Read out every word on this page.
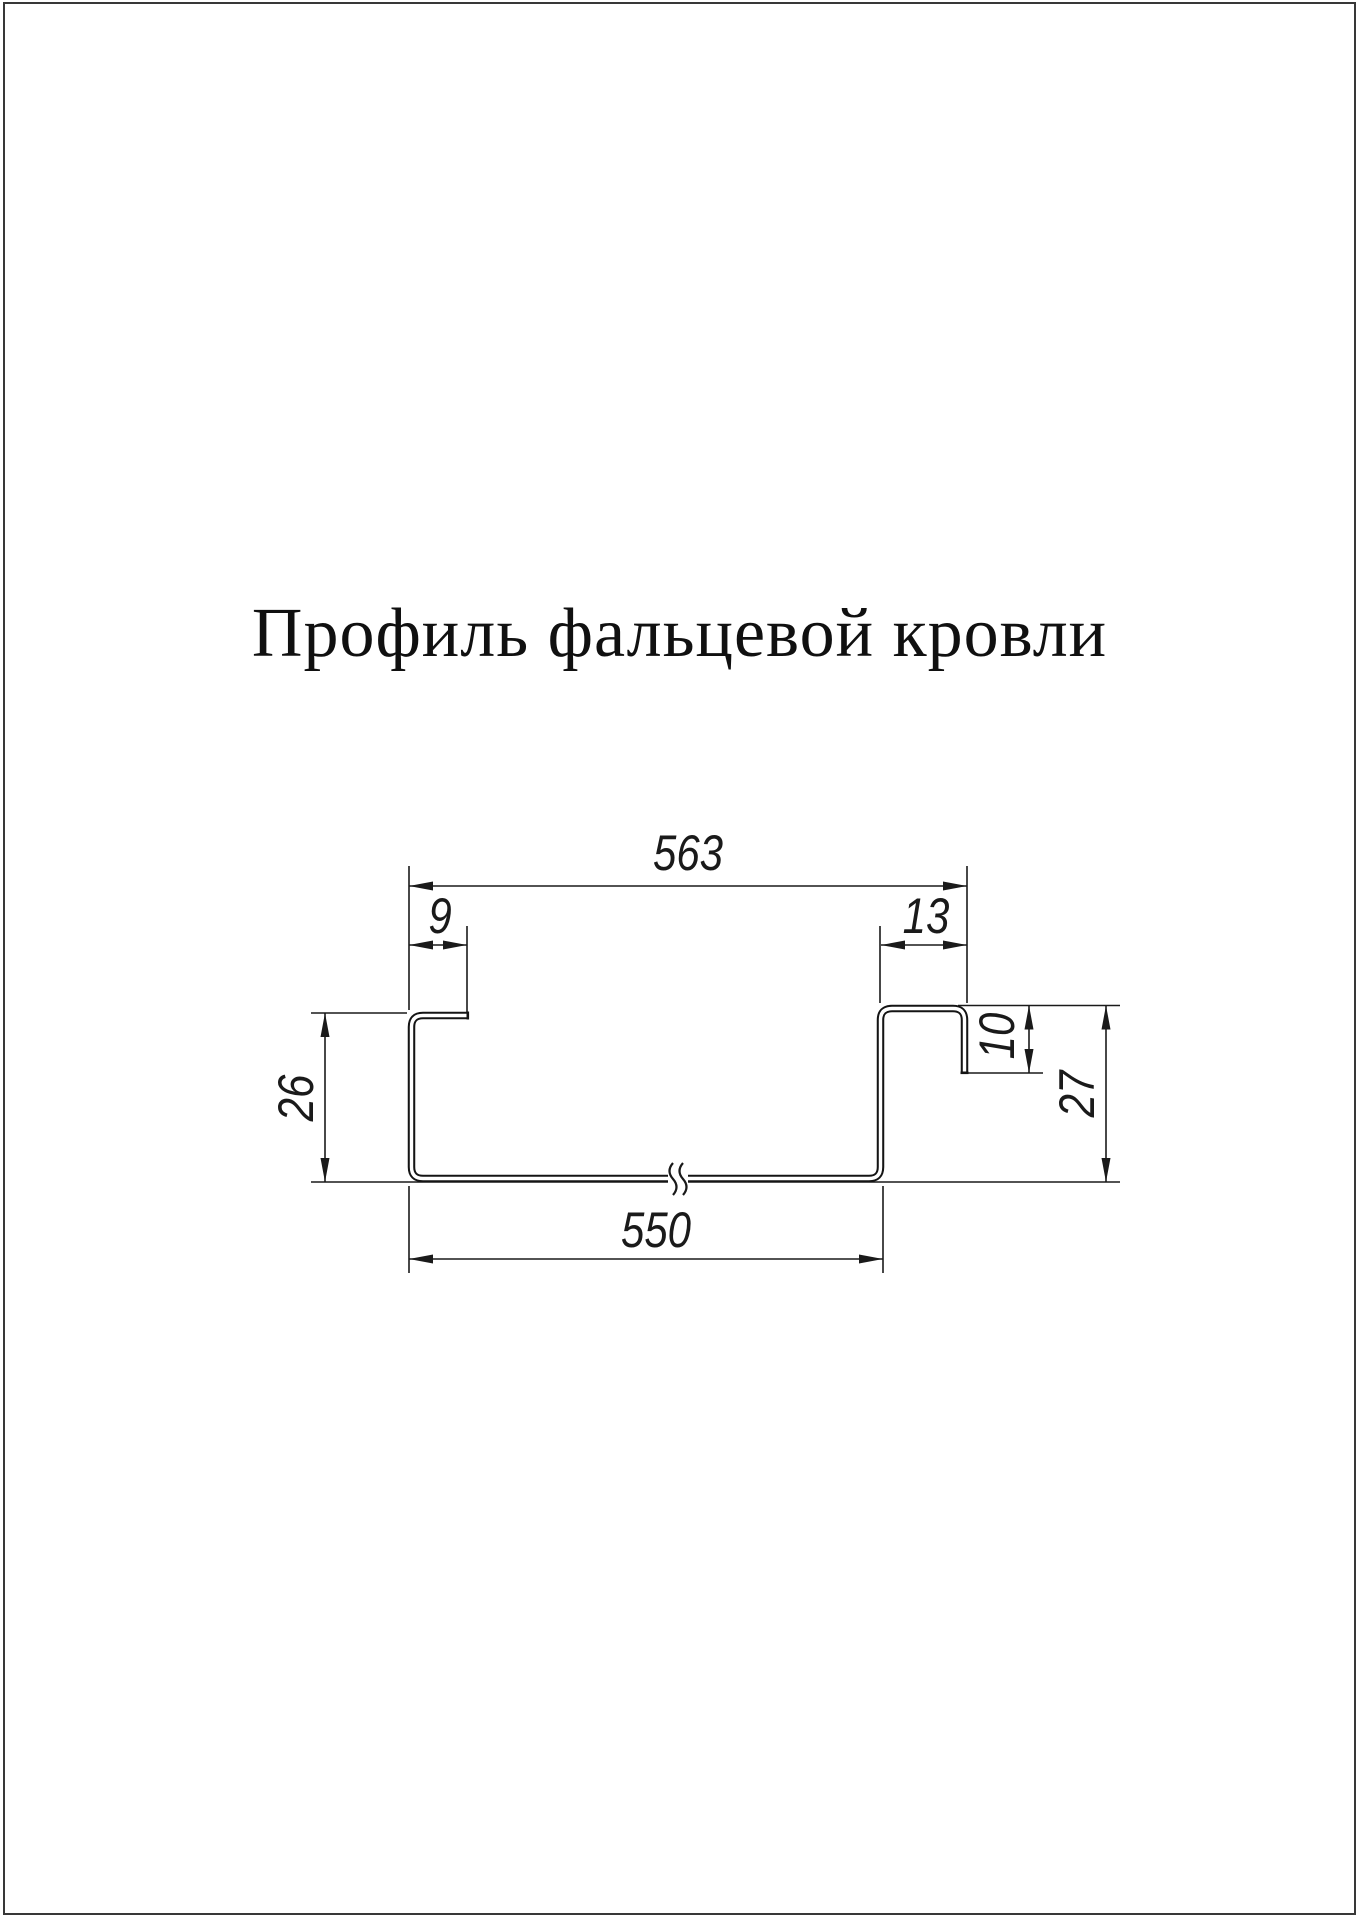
Профиль фальцевой кровли
563
9	13
26
550
10
27
